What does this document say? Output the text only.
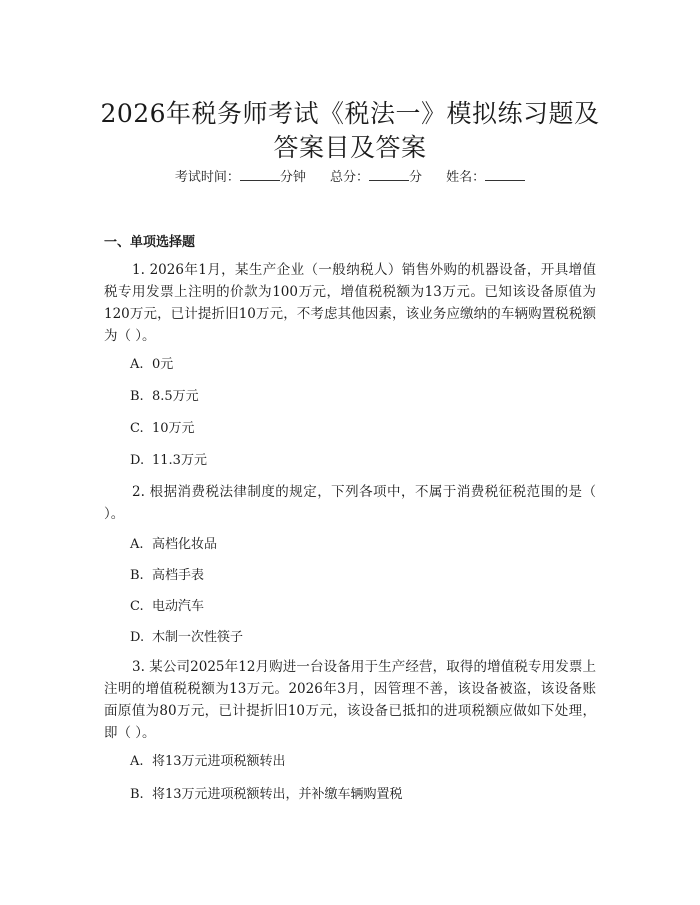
2026年税务师考试《税法一》模拟练习题及
答案目及答案
考试时间：	分钟 总分：	分 姓名：
一、单项选择题
1. 2026年1月，某生产企业（一般纳税人）销售外购的机器设备，开具增值税专用发票上注明的价款为100万元，增值税税额为13万元。已知该设备原值为120万元，已计提折旧10万元，不考虑其他因素，该业务应缴纳的车辆购置税税额为（ ）。
A. 0元
B. 8.5万元
C. 10万元
D. 11.3万元
2. 根据消费税法律制度的规定，下列各项中，不属于消费税征税范围的是（ ）。
A. 高档化妆品
B. 高档手表
C. 电动汽车
D. 木制一次性筷子
3. 某公司2025年12月购进一台设备用于生产经营，取得的增值税专用发票上注明的增值税税额为13万元。2026年3月，因管理不善，该设备被盗，该设备账面原值为80万元，已计提折旧10万元，该设备已抵扣的进项税额应做如下处理，即（ ）。
A. 将13万元进项税额转出
B. 将13万元进项税额转出，并补缴车辆购置税
